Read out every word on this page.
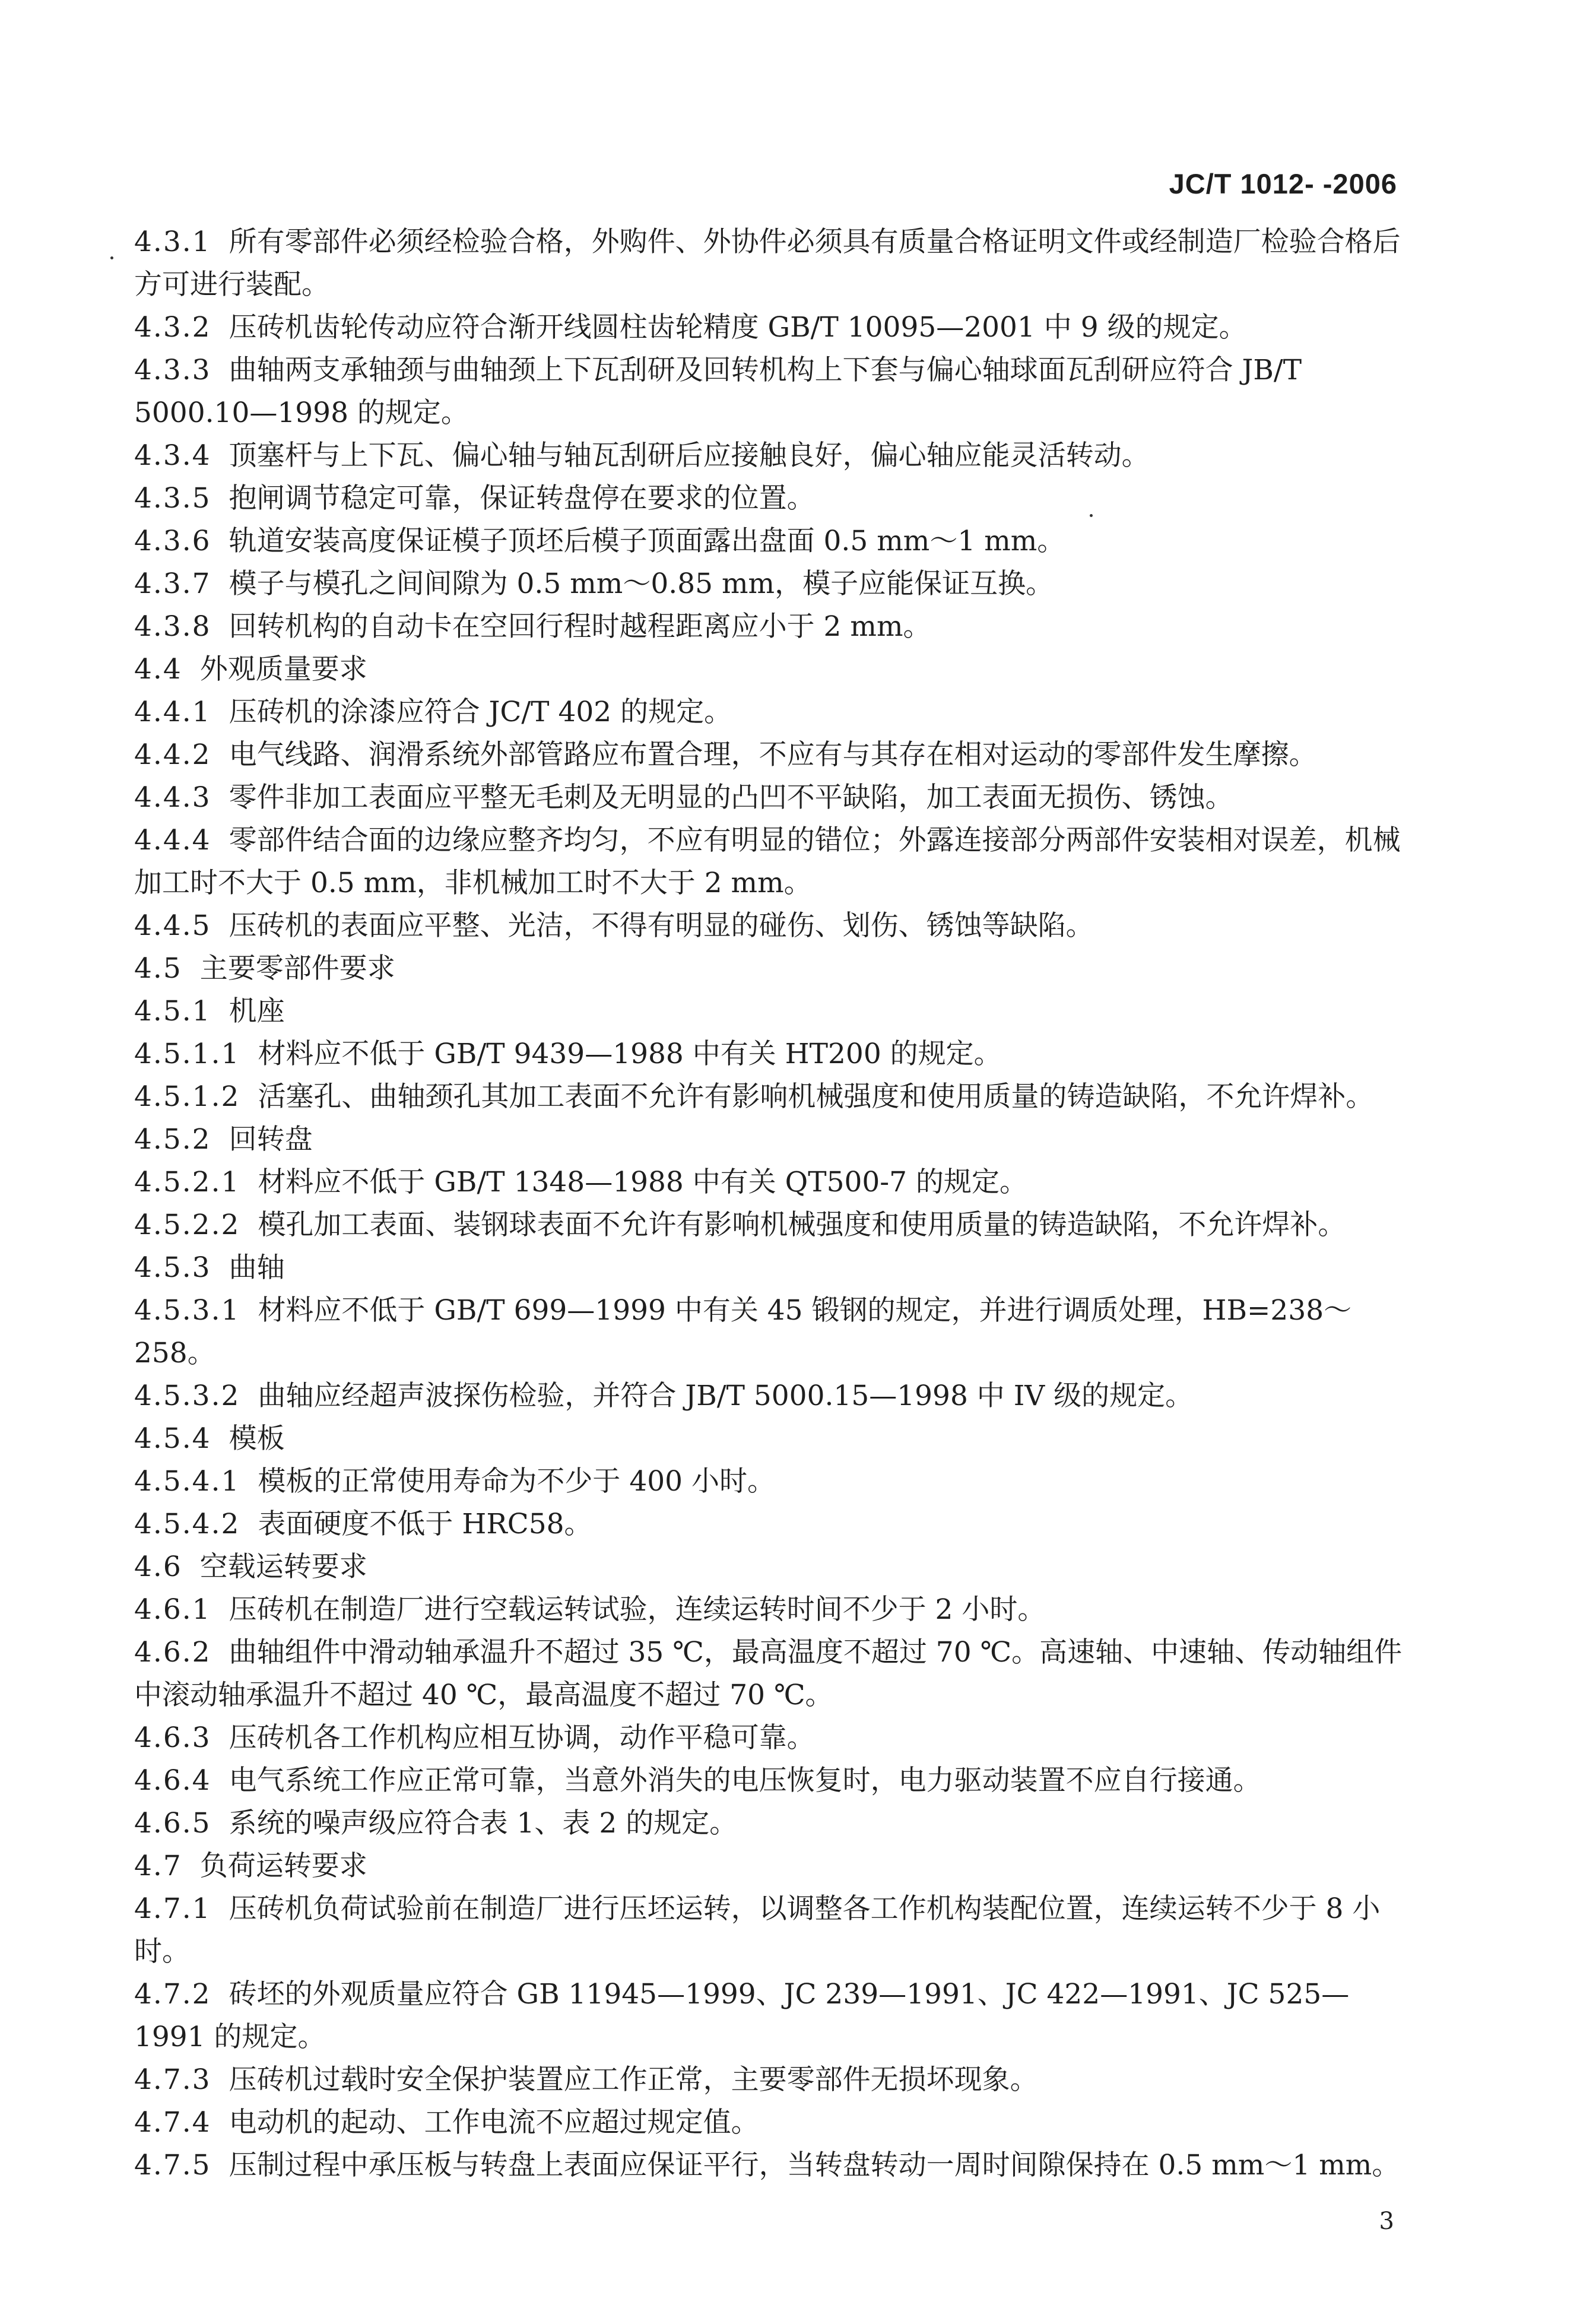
JC/T 1012- -2006

4.3.1 所有零部件必须经检验合格，外购件、外协件必须具有质量合格证明文件或经制造厂检验合格后方可进行装配。

4.3.2 压砖机齿轮传动应符合渐开线圆柱齿轮精度 GB/T 10095—2001 中 9 级的规定。

4.3.3 曲轴两支承轴颈与曲轴颈上下瓦刮研及回转机构上下套与偏心轴球面瓦刮研应符合 JB/T 5000.10—1998 的规定。

4.3.4 顶塞杆与上下瓦、偏心轴与轴瓦刮研后应接触良好，偏心轴应能灵活转动。

4.3.5 抱闸调节稳定可靠，保证转盘停在要求的位置。

4.3.6 轨道安装高度保证模子顶坯后模子顶面露出盘面 0.5 mm～1 mm。

4.3.7 模子与模孔之间间隙为 0.5 mm～0.85 mm，模子应能保证互换。

4.3.8 回转机构的自动卡在空回行程时越程距离应小于 2 mm。

4.4 外观质量要求

4.4.1 压砖机的涂漆应符合 JC/T 402 的规定。

4.4.2 电气线路、润滑系统外部管路应布置合理，不应有与其存在相对运动的零部件发生摩擦。

4.4.3 零件非加工表面应平整无毛刺及无明显的凸凹不平缺陷，加工表面无损伤、锈蚀。

4.4.4 零部件结合面的边缘应整齐均匀，不应有明显的错位；外露连接部分两部件安装相对误差，机械加工时不大于 0.5 mm，非机械加工时不大于 2 mm。

4.4.5 压砖机的表面应平整、光洁，不得有明显的碰伤、划伤、锈蚀等缺陷。

4.5 主要零部件要求

4.5.1 机座

4.5.1.1 材料应不低于 GB/T 9439—1988 中有关 HT200 的规定。

4.5.1.2 活塞孔、曲轴颈孔其加工表面不允许有影响机械强度和使用质量的铸造缺陷，不允许焊补。

4.5.2 回转盘

4.5.2.1 材料应不低于 GB/T 1348—1988 中有关 QT500-7 的规定。

4.5.2.2 模孔加工表面、装钢球表面不允许有影响机械强度和使用质量的铸造缺陷，不允许焊补。

4.5.3 曲轴

4.5.3.1 材料应不低于 GB/T 699—1999 中有关 45 锻钢的规定，并进行调质处理，HB=238～258。

4.5.3.2 曲轴应经超声波探伤检验，并符合 JB/T 5000.15—1998 中 IV 级的规定。

4.5.4 模板

4.5.4.1 模板的正常使用寿命为不少于 400 小时。

4.5.4.2 表面硬度不低于 HRC58。

4.6 空载运转要求

4.6.1 压砖机在制造厂进行空载运转试验，连续运转时间不少于 2 小时。

4.6.2 曲轴组件中滑动轴承温升不超过 35 ℃，最高温度不超过 70 ℃。高速轴、中速轴、传动轴组件中滚动轴承温升不超过 40 ℃，最高温度不超过 70 ℃。

4.6.3 压砖机各工作机构应相互协调，动作平稳可靠。

4.6.4 电气系统工作应正常可靠，当意外消失的电压恢复时，电力驱动装置不应自行接通。

4.6.5 系统的噪声级应符合表 1、表 2 的规定。

4.7 负荷运转要求

4.7.1 压砖机负荷试验前在制造厂进行压坯运转，以调整各工作机构装配位置，连续运转不少于 8 小时。

4.7.2 砖坯的外观质量应符合 GB 11945—1999、JC 239—1991、JC 422—1991、JC 525—1991 的规定。

4.7.3 压砖机过载时安全保护装置应工作正常，主要零部件无损坏现象。

4.7.4 电动机的起动、工作电流不应超过规定值。

4.7.5 压制过程中承压板与转盘上表面应保证平行，当转盘转动一周时间隙保持在 0.5 mm～1 mm。

3
